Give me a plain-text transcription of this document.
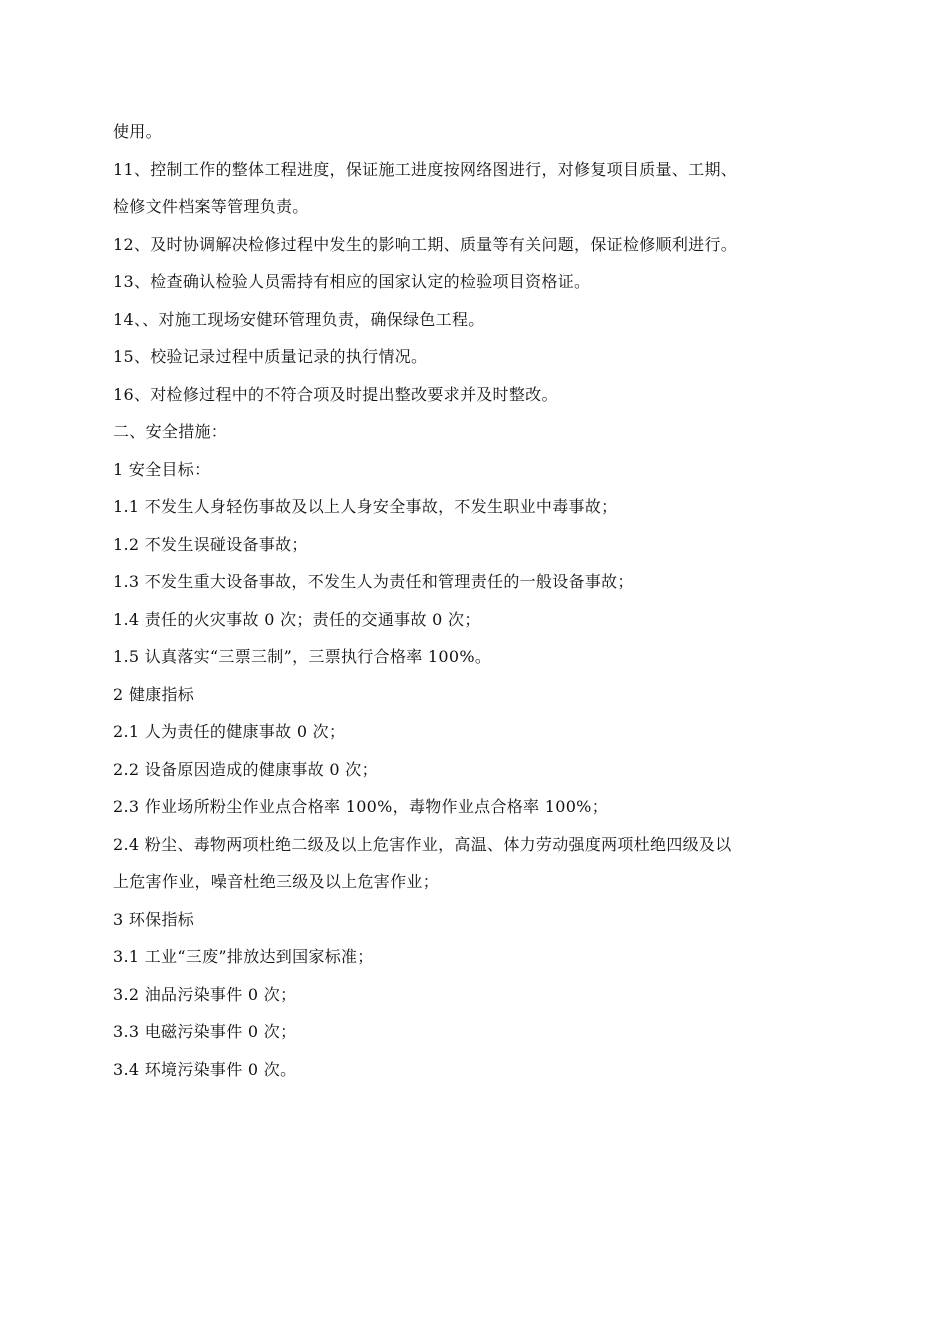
使用。
11、控制工作的整体工程进度，保证施工进度按网络图进行，对修复项目质量、工期、
检修文件档案等管理负责。
12、及时协调解决检修过程中发生的影响工期、质量等有关问题，保证检修顺利进行。
13、检查确认检验人员需持有相应的国家认定的检验项目资格证。
14、、对施工现场安健环管理负责，确保绿色工程。
15、校验记录过程中质量记录的执行情况。
16、对检修过程中的不符合项及时提出整改要求并及时整改。
二、安全措施：
1 安全目标：
1.1 不发生人身轻伤事故及以上人身安全事故，不发生职业中毒事故；
1.2 不发生误碰设备事故；
1.3 不发生重大设备事故，不发生人为责任和管理责任的一般设备事故；
1.4 责任的火灾事故 0 次；责任的交通事故 0 次；
1.5 认真落实“三票三制”，三票执行合格率 100%。
2 健康指标
2.1 人为责任的健康事故 0 次；
2.2 设备原因造成的健康事故 0 次；
2.3 作业场所粉尘作业点合格率 100%，毒物作业点合格率 100%；
2.4 粉尘、毒物两项杜绝二级及以上危害作业，高温、体力劳动强度两项杜绝四级及以
上危害作业，噪音杜绝三级及以上危害作业；
3 环保指标
3.1 工业“三废”排放达到国家标准；
3.2 油品污染事件 0 次；
3.3 电磁污染事件 0 次；
3.4 环境污染事件 0 次。
